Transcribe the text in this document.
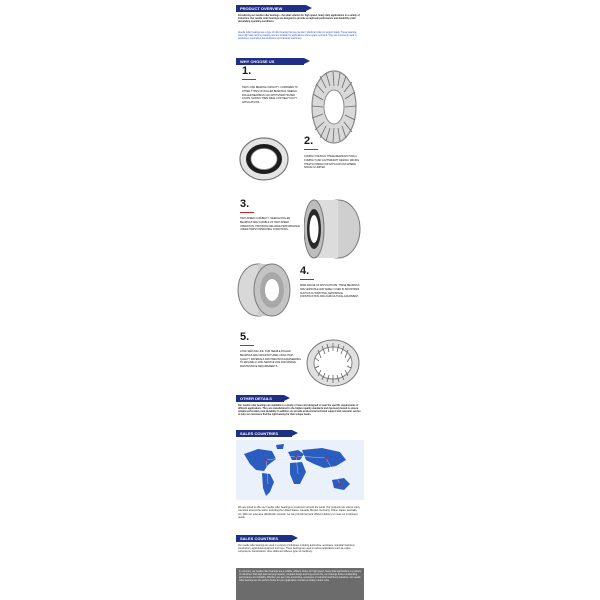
PRODUCT OVERVIEW
Introducing our needle roller bearings - the ideal solution for high speed, heavy duty applications in a variety of industries. Our needle roller bearings are designed to provide exceptional performance and durability under demanding operating conditions.
Needle roller bearings are a type of roller bearing that use slender cylindrical rollers to support loads. These bearings have high load carrying capacity and are suitable for applications where space is limited. They are commonly used in gearboxes, automotive transmissions and industrial machinery.
WHY CHOOSE US
1.
HIGH LOAD BEARING CAPACITY: COMPARED TO OTHER TYPES OF ROLLER BEARINGS, NEEDLE ROLLER BEARINGS CAN WITHSTAND HIGHER LOADS, MAKING THEM IDEAL FOR HEAVY-DUTY APPLICATIONS.
2.
COMPACT DESIGN: THESE BEARINGS HAVE A COMPACT AND LIGHTWEIGHT DESIGN, MAKING THEM SUITABLE FOR APPLICATIONS WHERE SPACE IS LIMITED.
3.
HIGH-SPEED CAPABILITY: NEEDLE ROLLER BEARINGS ARE CAPABLE OF HIGH-SPEED OPERATION, PROVIDING RELIABLE PERFORMANCE UNDER HARSH OPERATING CONDITIONS.
4.
WIDE RANGE OF APPLICATIONS: THESE BEARINGS ARE VERSATILE AND WIDELY USED IN INDUSTRIES SUCH AS AUTOMOTIVE, AEROSPACE, CONSTRUCTION AND AGRICULTURAL EQUIPMENT.
5.
LONG SERVICE LIFE: OUR NEEDLE ROLLER BEARINGS ARE MANUFACTURED USING HIGH-QUALITY MATERIALS AND PRECISION ENGINEERING TO ENSURE A LONG SERVICE LIFE AND MINIMAL MAINTENANCE REQUIREMENTS.
OTHER DETAILS
Our needle roller bearings are available in a variety of sizes and designed to meet the specific requirements of different applications. They are manufactured to the highest quality standards and rigorously tested to ensure reliable performance and durability. In addition, we provide professional technical support and customer service to help our customers find the right bearing for their unique needs.
SALES COUNTRIES
We are proud to offer our needle roller bearings to customers around the world. Our products are sold to many countries around the world, including the United States, Canada, Mexico, Germany, China, Japan, Australia, etc. With our extensive distribution network, we can provide fast and efficient delivery to meet our customers' needs.
SALES COUNTRIES
Our needle roller bearings are used in a variety of industries, including automotive, aerospace, industrial machinery, construction, agricultural equipment and more. These bearings are used in various applications such as engine components, transmissions, drive shafts and different types of machinery.
In summary, our needle roller bearings are a reliable, efficient choice for high-speed, heavy-load applications in a variety of industries. With high load carrying capacity, compact design and long service life, our bearings deliver outstanding performance and reliability. Whether you are in the automotive, aerospace or industrial machinery industries, our needle roller bearings are the perfect choice for your application. Contact us today to learn more.
